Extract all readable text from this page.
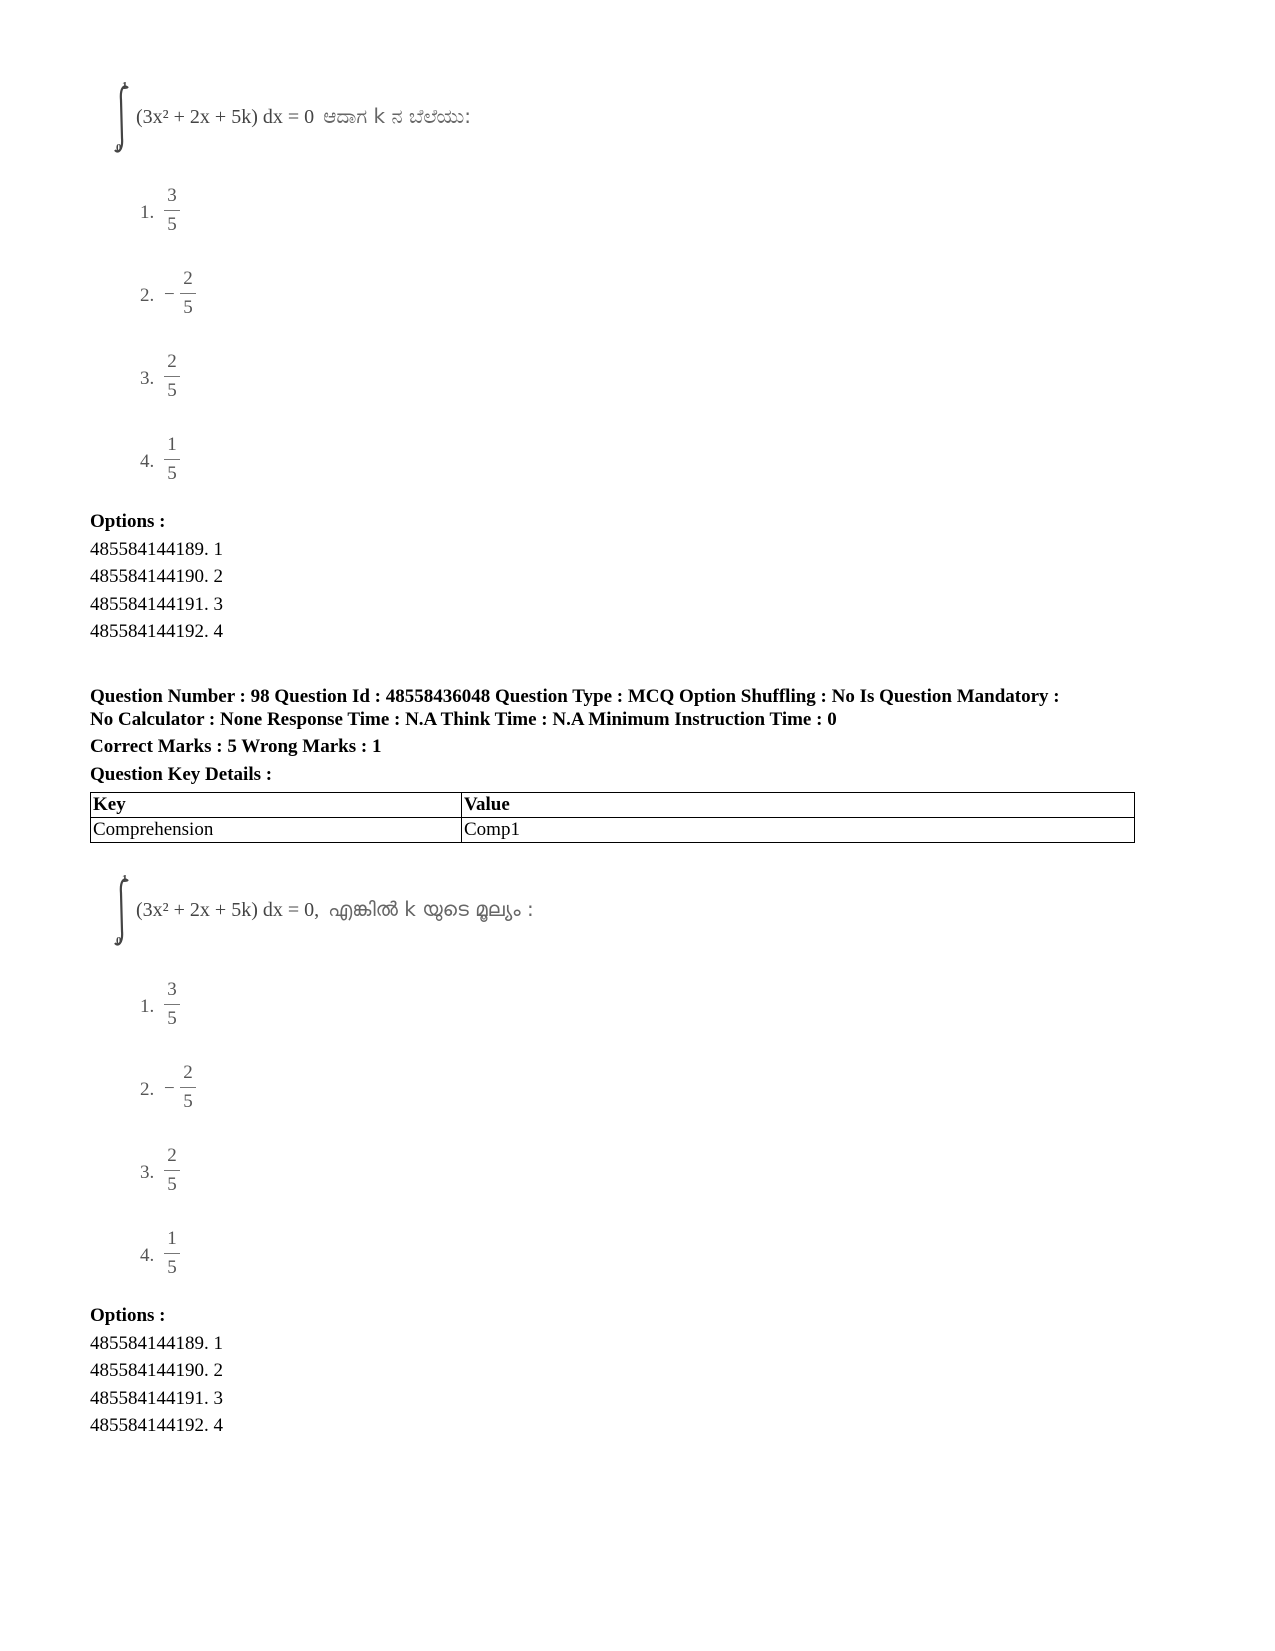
1
0
(3x² + 2x + 5k) dx = 0 ಆದಾಗ k ನ ಬೆಲೆಯು:
1.
3
5
2. −
2
5
3.
2
5
4.
1
5
Options :
485584144189. 1
485584144190. 2
485584144191. 3
485584144192. 4
Question Number : 98 Question Id : 48558436048 Question Type : MCQ Option Shuffling : No Is Question Mandatory :
No Calculator : None Response Time : N.A Think Time : N.A Minimum Instruction Time : 0
Correct Marks : 5 Wrong Marks : 1
Question Key Details :
Key	Value
Comprehension	Comp1
1
0
(3x² + 2x + 5k) dx = 0, എങ്കിൽ k യുടെ മൂല്യം :
1.
3
5
2. −
2
5
3.
2
5
4.
1
5
Options :
485584144189. 1
485584144190. 2
485584144191. 3
485584144192. 4
